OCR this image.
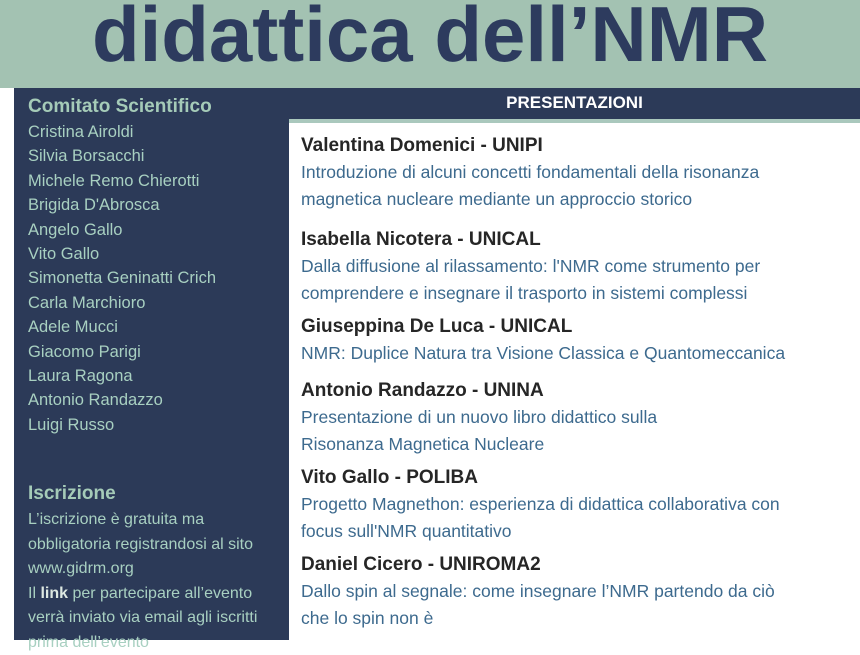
didattica dell’NMR
Comitato Scientifico
Cristina Airoldi
Silvia Borsacchi
Michele Remo Chierotti
Brigida D'Abrosca
Angelo Gallo
Vito Gallo
Simonetta Geninatti Crich
Carla Marchioro
Adele Mucci
Giacomo Parigi
Laura Ragona
Antonio Randazzo
Luigi Russo
Iscrizione
L’iscrizione è gratuita ma obbligatoria registrandosi al sito www.gidrm.org
Il link per partecipare all’evento verrà inviato via email agli iscritti prima dell’evento
PRESENTAZIONI
Valentina Domenici - UNIPI
Introduzione di alcuni concetti fondamentali della risonanza
magnetica nucleare mediante un approccio storico
Isabella Nicotera - UNICAL
Dalla diffusione al rilassamento: l'NMR come strumento per
comprendere e insegnare il trasporto in sistemi complessi
Giuseppina De Luca - UNICAL
NMR: Duplice Natura tra Visione Classica e Quantomeccanica
Antonio Randazzo - UNINA
Presentazione di un nuovo libro didattico sulla
Risonanza Magnetica Nucleare
Vito Gallo - POLIBA
Progetto Magnethon: esperienza di didattica collaborativa con
focus sull'NMR quantitativo
Daniel Cicero - UNIROMA2
Dallo spin al segnale: come insegnare l’NMR partendo da ciò
che lo spin non è
